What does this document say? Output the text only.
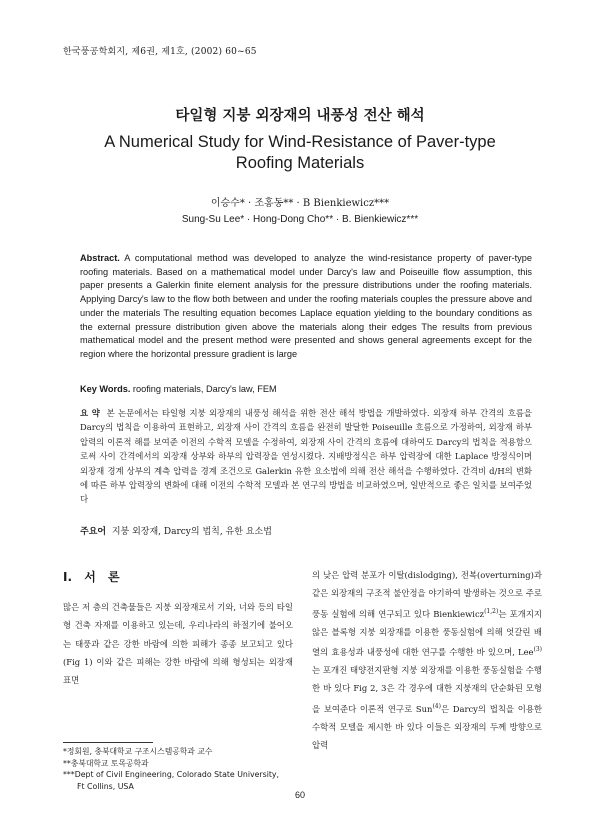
한국풍공학회지, 제6권, 제1호, (2002) 60~65
타일형 지붕 외장재의 내풍성 전산 해석
A Numerical Study for Wind-Resistance of Paver-type Roofing Materials
이승수* · 조홍동** · B Bienkiewicz***
Sung-Su Lee* · Hong-Dong Cho** · B. Bienkiewicz***
Abstract. A computational method was developed to analyze the wind-resistance property of paver-type roofing materials. Based on a mathematical model under Darcy's law and Poiseuille flow assumption, this paper presents a Galerkin finite element analysis for the pressure distributions under the roofing materials. Applying Darcy's law to the flow both between and under the roofing materials couples the pressure above and under the materials The resulting equation becomes Laplace equation yielding to the boundary conditions as the external pressure distribution given above the materials along their edges The results from previous mathematical model and the present method were presented and shows general agreements except for the region where the horizontal pressure gradient is large
Key Words. roofing materials, Darcy's law, FEM
요 약 본 논문에서는 타일형 지붕 외장재의 내풍성 해석을 위한 전산 해석 방법을 개발하였다. 외장재 하부 간격의 흐름을 Darcy의 법칙을 이용하여 표현하고, 외장재 사이 간격의 흐름을 완전히 발달한 Poiseuille 흐름으로 가정하여, 외장재 하부 압력의 이론적 해를 보여준 이전의 수학적 모델을 수정하여, 외장재 사이 간격의 흐름에 대하여도 Darcy의 법칙을 적용함으로써 사이 간격에서의 외장재 상부와 하부의 압력장을 연성시켰다. 지배방정식은 하부 압력장에 대한 Laplace 방정식이며 외장재 경계 상부의 계측 압력을 경계 조건으로 Galerkin 유한 요소법에 의해 전산 해석을 수행하였다. 간격비 d/H의 변화에 따른 하부 압력장의 변화에 대해 이전의 수학적 모델과 본 연구의 방법을 비교하였으며, 일반적으로 좋은 일치를 보여주었다
주요어 지붕 외장재, Darcy의 법칙, 유한 요소법
I. 서 론
많은 저 층의 건축물들은 지붕 외장재로서 기와, 너와 등의 타일형 건축 자재를 이용하고 있는데, 우리나라의 하절기에 불어오는 태풍과 같은 강한 바람에 의한 피해가 종종 보고되고 있다(Fig 1) 이와 같은 피해는 강한 바람에 의해 형성되는 외장재 표면
의 낮은 압력 분포가 이탈(dislodging), 전복(overturning)과 같은 외장재의 구조적 불안정을 야기하여 발생하는 것으로 주로 풍동 실험에 의해 연구되고 있다 Bienkiewicz$^{(1,2)}$는 포개지지 않은 블록형 지붕 외장재를 이용한 풍동실험에 의해 엇갈린 배열의 효용성과 내풍성에 대한 연구를 수행한 바 있으며, Lee$^{(3)}$는 포개진 태양전지판형 지붕 외장재를 이용한 풍동실험을 수행한 바 있다 Fig 2, 3은 각 경우에 대한 지붕재의 단순화된 모형을 보여준다 이론적 연구로 Sun$^{(4)}$은 Darcy의 법칙을 이용한 수학적 모델을 제시한 바 있다 이들은 외장재의 두께 방향으로 압력
*정회원, 충북대학교 구조시스템공학과 교수
**충북대학교 토목공학과
***Dept of Civil Engineering, Colorado State University,
Ft Collins, USA
60
